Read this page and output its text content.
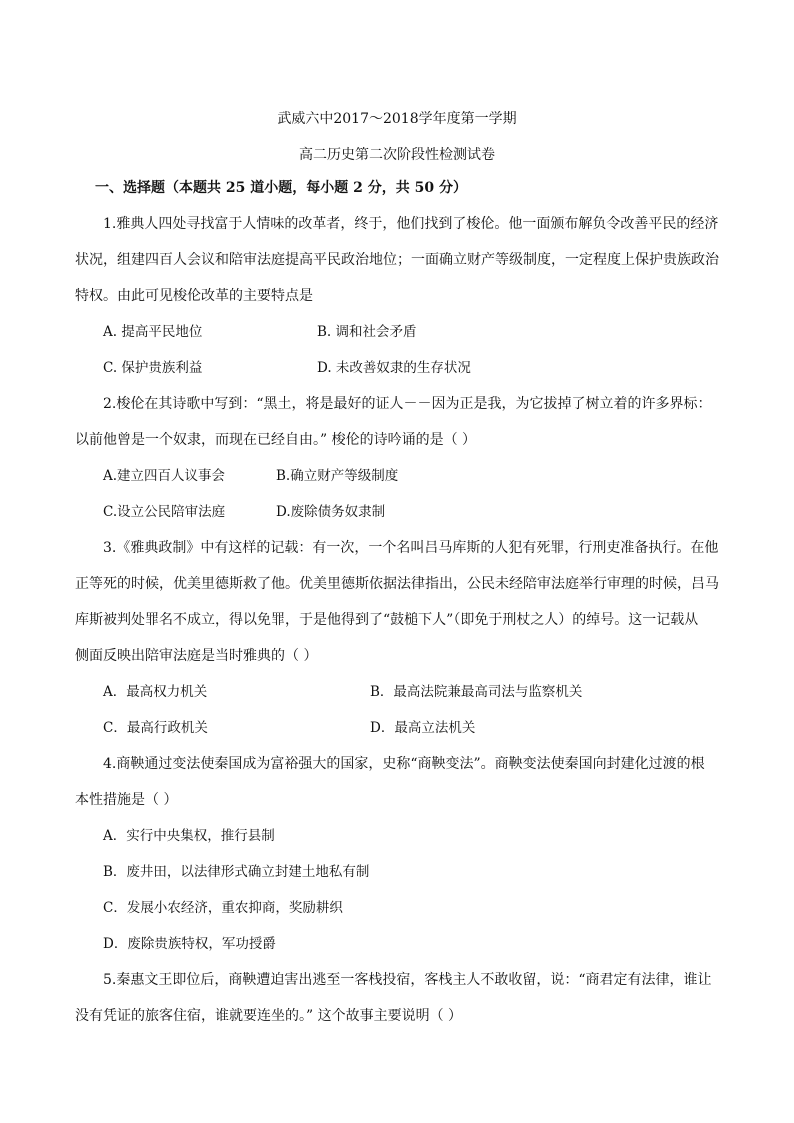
武威六中2017～2018学年度第一学期
高二历史第二次阶段性检测试卷
一、选择题（本题共 25 道小题，每小题 2 分，共 50 分）
1.雅典人四处寻找富于人情味的改革者，终于，他们找到了梭伦。他一面颁布解负令改善平民的经济
状况，组建四百人会议和陪审法庭提高平民政治地位；一面确立财产等级制度，一定程度上保护贵族政治
特权。由此可见梭伦改革的主要特点是
A. 提高平民地位	B. 调和社会矛盾
C. 保护贵族利益	D. 未改善奴隶的生存状况
2.梭伦在其诗歌中写到：“黑土，将是最好的证人－－因为正是我，为它拔掉了树立着的许多界标：
以前他曾是一个奴隶，而现在已经自由。” 梭伦的诗吟诵的是（ ）
A.建立四百人议事会	B.确立财产等级制度
C.设立公民陪审法庭	D.废除债务奴隶制
3.《雅典政制》中有这样的记载：有一次，一个名叫吕马库斯的人犯有死罪，行刑吏准备执行。在他
正等死的时候，优美里德斯救了他。优美里德斯依据法律指出，公民未经陪审法庭举行审理的时候，吕马
库斯被判处罪名不成立，得以免罪，于是他得到了“鼓槌下人”（即免于刑杖之人）的绰号。这一记载从
侧面反映出陪审法庭是当时雅典的（ ）
A．最高权力机关	B．最高法院兼最高司法与监察机关
C．最高行政机关	D．最高立法机关
4.商鞅通过变法使秦国成为富裕强大的国家，史称“商鞅变法”。商鞅变法使秦国向封建化过渡的根
本性措施是（ ）
A．实行中央集权，推行县制
B．废井田，以法律形式确立封建土地私有制
C．发展小农经济，重农抑商，奖励耕织
D．废除贵族特权，军功授爵
5.秦惠文王即位后，商鞅遭迫害出逃至一客栈投宿，客栈主人不敢收留，说：“商君定有法律，谁让
没有凭证的旅客住宿，谁就要连坐的。” 这个故事主要说明（ ）
